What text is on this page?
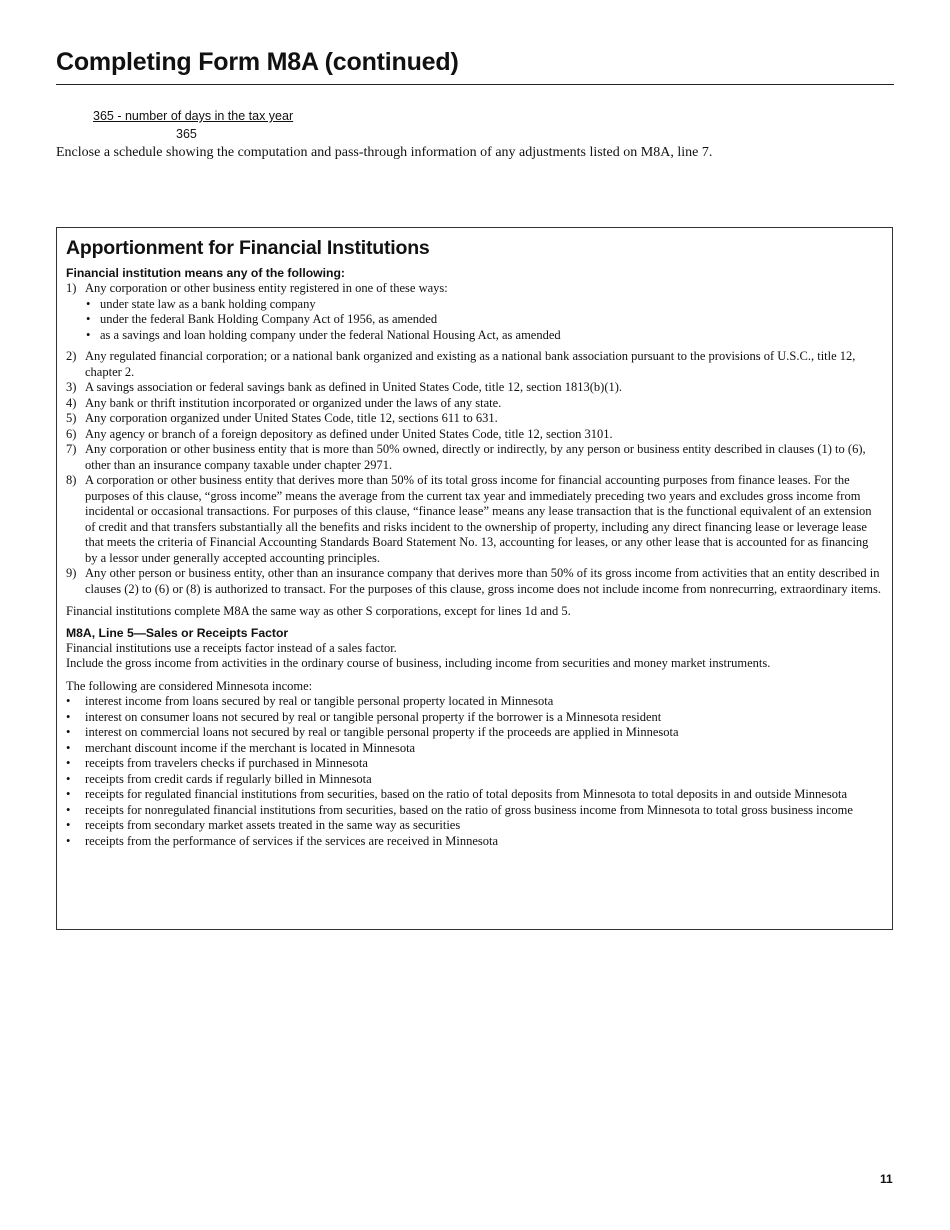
Completing Form M8A (continued)
365 - number of days in the tax year
365
Enclose a schedule showing the computation and pass-through information of any adjustments listed on M8A, line 7.
Apportionment for Financial Institutions

Financial institution means any of the following:

1) Any corporation or other business entity registered in one of these ways:
• under state law as a bank holding company
• under the federal Bank Holding Company Act of 1956, as amended
• as a savings and loan holding company under the federal National Housing Act, as amended
2) Any regulated financial corporation; or a national bank organized and existing as a national bank association pursuant to the provisions of U.S.C., title 12, chapter 2.
3) A savings association or federal savings bank as defined in United States Code, title 12, section 1813(b)(1).
4) Any bank or thrift institution incorporated or organized under the laws of any state.
5) Any corporation organized under United States Code, title 12, sections 611 to 631.
6) Any agency or branch of a foreign depository as defined under United States Code, title 12, section 3101.
7) Any corporation or other business entity that is more than 50% owned, directly or indirectly, by any person or business entity described in clauses (1) to (6), other than an insurance company taxable under chapter 2971.
8) A corporation or other business entity that derives more than 50% of its total gross income for financial accounting purposes from finance leases. For the purposes of this clause, “gross income” means the average from the current tax year and immediately preceding two years and excludes gross income from incidental or occasional transactions. For purposes of this clause, “finance lease” means any lease transaction that is the functional equivalent of an extension of credit and that transfers substantially all the benefits and risks incident to the ownership of property, including any direct financing lease or leverage lease that meets the criteria of Financial Accounting Standards Board Statement No. 13, accounting for leases, or any other lease that is accounted for as financing by a lessor under generally accepted accounting principles.
9) Any other person or business entity, other than an insurance company that derives more than 50% of its gross income from activities that an entity described in clauses (2) to (6) or (8) is authorized to transact. For the purposes of this clause, gross income does not include income from nonrecurring, extraordinary items.

Financial institutions complete M8A the same way as other S corporations, except for lines 1d and 5.

M8A, Line 5—Sales or Receipts Factor

Financial institutions use a receipts factor instead of a sales factor.

Include the gross income from activities in the ordinary course of business, including income from securities and money market instruments.

The following are considered Minnesota income:

• interest income from loans secured by real or tangible personal property located in Minnesota
• interest on consumer loans not secured by real or tangible personal property if the borrower is a Minnesota resident
• interest on commercial loans not secured by real or tangible personal property if the proceeds are applied in Minnesota
• merchant discount income if the merchant is located in Minnesota
• receipts from travelers checks if purchased in Minnesota
• receipts from credit cards if regularly billed in Minnesota
• receipts for regulated financial institutions from securities, based on the ratio of total deposits from Minnesota to total deposits in and outside Minnesota
• receipts for nonregulated financial institutions from securities, based on the ratio of gross business income from Minnesota to total gross business income
• receipts from secondary market assets treated in the same way as securities
• receipts from the performance of services if the services are received in Minnesota
11
